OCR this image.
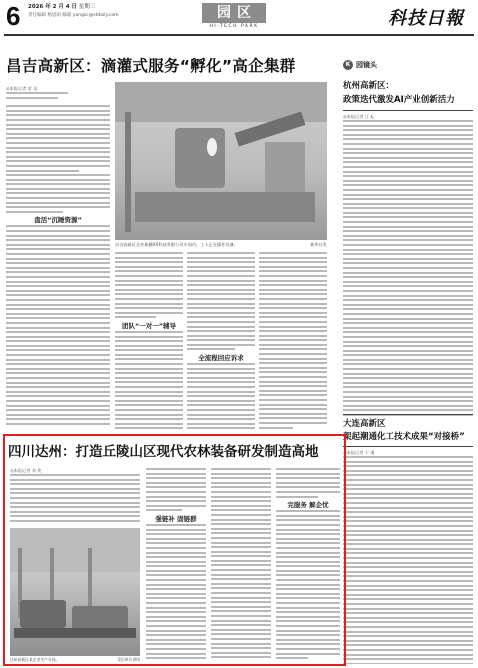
6	2026 年 2 月 4 日 星期三
责任编辑 杨思雨 邮箱 yangsc@stdaily.com	园区
HI-TECH PARK	科技日報
昌吉高新区：滴灌式服务“孵化”高企集群
◎本报记者 雷 迅
盘活“沉睡资源”
昌吉高新区企业新疆XX科技有限公司车间内，工人正在操作设备。	新华社发
团队“一对一”辅导
全流程回应诉求
K 园镜头
杭州高新区：
政策迭代激发AI产业创新活力
◎本报记者 江 耘
大连高新区
架起潮通化工技术成果“对接桥”
◎本报记者 于 瑾
四川达州：打造丘陵山区现代农林装备研发制造高地
◎本报记者 刘 侠
达州高新区某企业生产车间。	受访单位供图
强链补 固链群
完服务 解企忧
